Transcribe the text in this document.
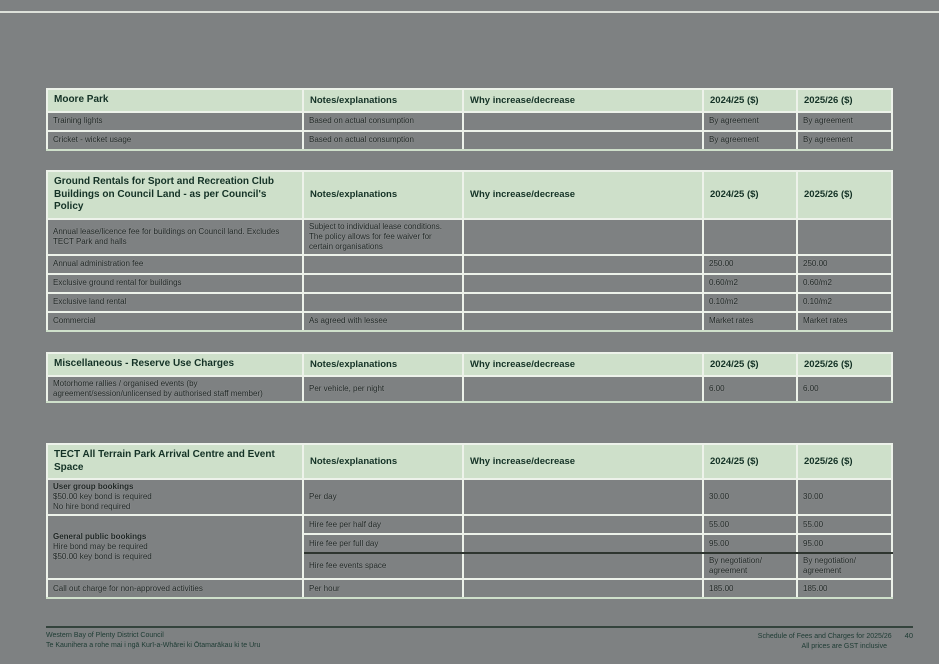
Moore Park	Notes/explanations	Why increase/decrease	2024/25 ($)	2025/26 ($)

Training lights	Based on actual consumption		By agreement	By agreement

Cricket - wicket usage	Based on actual consumption		By agreement	By agreement
Ground Rentals for Sport and Recreation Club Buildings on Council Land - as per Council's Policy	Notes/explanations	Why increase/decrease	2024/25 ($)	2025/26 ($)

Annual lease/licence fee for buildings on Council land. Excludes TECT Park and halls	Subject to individual lease conditions. The policy allows for fee waiver for certain organisations			

Annual administration fee			250.00	250.00

Exclusive ground rental for buildings			0.60/m2	0.60/m2

Exclusive land rental			0.10/m2	0.10/m2

Commercial	As agreed with lessee		Market rates	Market rates
Miscellaneous - Reserve Use Charges	Notes/explanations	Why increase/decrease	2024/25 ($)	2025/26 ($)

Motorhome rallies / organised events (by agreement/session/unlicensed by authorised staff member)	Per vehicle, per night		6.00	6.00
TECT All Terrain Park Arrival Centre and Event Space	Notes/explanations	Why increase/decrease	2024/25 ($)	2025/26 ($)

User group bookings
$50.00 key bond is required
No hire bond required	Per day		30.00	30.00

General public bookings
Hire bond may be required
$50.00 key bond is required	Hire fee per half day		55.00	55.00

	Hire fee per full day		95.00	95.00

	Hire fee events space		By negotiation/ agreement	By negotiation/ agreement

Call out charge for non-approved activities	Per hour		185.00	185.00
Western Bay of Plenty District Council
Te Kaunihera a rohe mai i ngā Kurī-a-Whārei ki Ōtamarākau ki te Uru
Schedule of Fees and Charges for 2025/26 40
All prices are GST inclusive
